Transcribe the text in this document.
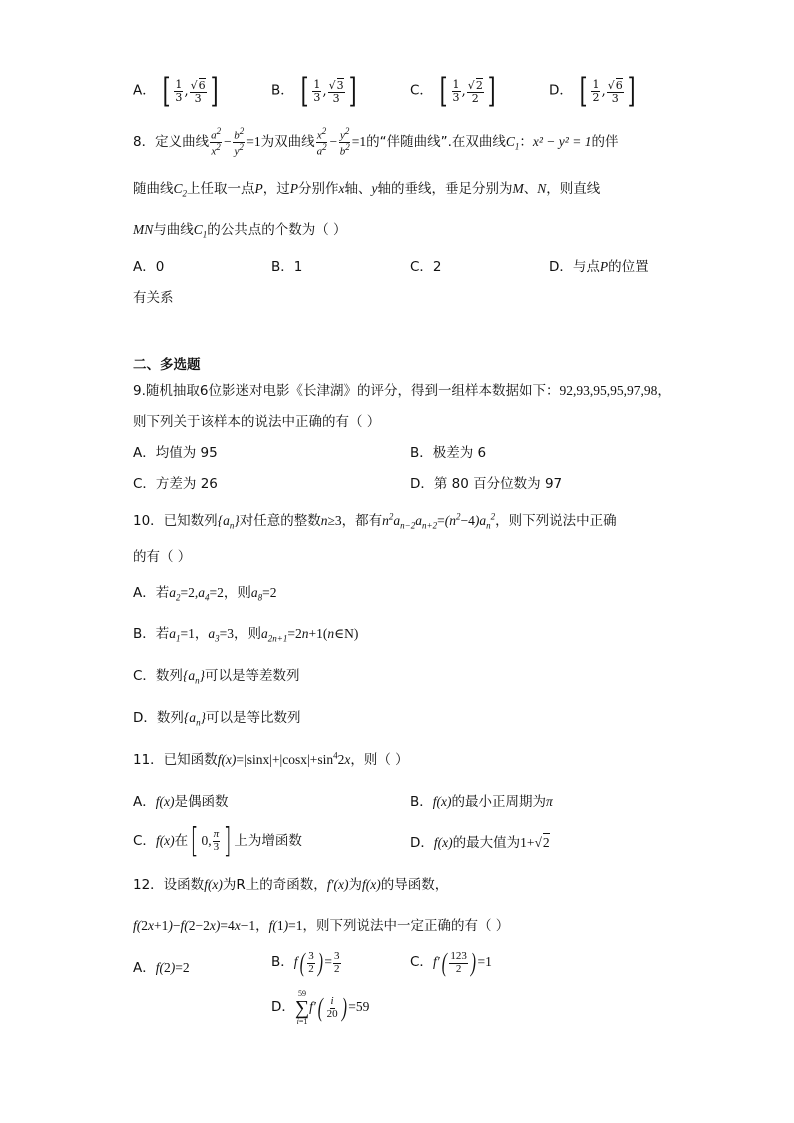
A． [ $\frac{1}{3}$ , $\frac{√6}{3}$ ]	B． [ $\frac{1}{3}$ , $\frac{√3}{3}$ ]	C． [ $\frac{1}{3}$ , $\frac{√2}{2}$ ]	D． [ $\frac{1}{2}$ , $\frac{√6}{3}$ ]
8．定义曲线 $\frac{a^2}{x^2} - \frac{b^2}{y^2} =1$为双曲线 $\frac{x^2}{a^2} - \frac{y^2}{b^2} =1$的“伴随曲线”.在双曲线$C_1$：x² − y² = 1的伴
随曲线$C_2$上任取一点P，过P分别作x轴、y轴的垂线，垂足分别为M、N，则直线
MN与曲线$C_1$的公共点的个数为（ ）
A．0	B．1	C．2	D．与点P的位置
有关系
二、多选题
9.随机抽取6位影迷对电影《长津湖》的评分，得到一组样本数据如下：92,93,95,95,97,98，
则下列关于该样本的说法中正确的有（ ）
A．均值为 95	B．极差为 6
C．方差为 26	D．第 80 百分位数为 97
10．已知数列$\{a_n\}$对任意的整数n≥3，都有$n^2a_{n-2}a_{n+2}=(n^2-4)a_n^2$，则下列说法中正确
的有（ ）
A．若$a_2=2,a_4=2$，则$a_8=2$
B．若$a_1=1$，$a_3=3$，则$a_{2n+1}=2n+1(n\in N)$
C．数列$\{a_n\}$可以是等差数列
D．数列$\{a_n\}$可以是等比数列
11．已知函数$f(x)=|\sin x|+|\cos x|+\sin^42x$，则（ ）
A．f(x)是偶函数	B．f(x)的最小正周期为π
C．f(x)在 [ 0, $\frac{\pi}{3}$ ] 上为增函数	D．f(x)的最大值为1+√2
12．设函数f(x)为R上的奇函数，f′(x)为f(x)的导函数，
f(2x+1)−f(2−2x)=4x−1，f(1)=1，则下列说法中一定正确的有（ ）
A．f(2)=2	B．f ( $\frac{3}{2}$ ) = $\frac{3}{2}$	C．f′ ( $\frac{123}{2}$ ) =1
D．
59
∑
i=1
f′ ( $\frac{i}{20}$ ) =59
